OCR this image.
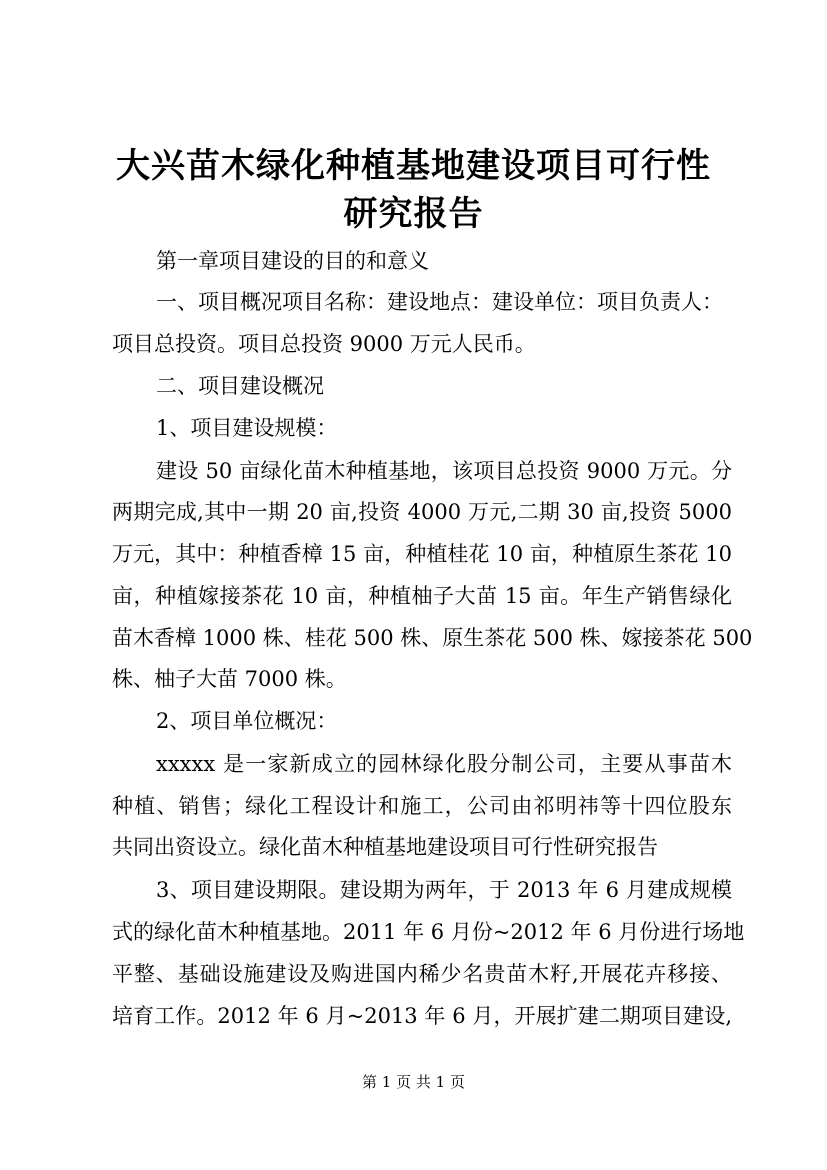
大兴苗木绿化种植基地建设项目可行性研究报告
第一章项目建设的目的和意义
一、项目概况项目名称：建设地点：建设单位：项目负责人：
项目总投资。项目总投资 9000 万元人民币。
二、项目建设概况
1、项目建设规模：
建设 50 亩绿化苗木种植基地，该项目总投资 9000 万元。分
两期完成,其中一期 20 亩,投资 4000 万元,二期 30 亩,投资 5000
万元，其中：种植香樟 15 亩，种植桂花 10 亩，种植原生茶花 10
亩，种植嫁接茶花 10 亩，种植柚子大苗 15 亩。年生产销售绿化
苗木香樟 1000 株、桂花 500 株、原生茶花 500 株、嫁接茶花 500
株、柚子大苗 7000 株。
2、项目单位概况：
xxxxx 是一家新成立的园林绿化股分制公司，主要从事苗木
种植、销售；绿化工程设计和施工，公司由祁明祎等十四位股东
共同出资设立。绿化苗木种植基地建设项目可行性研究报告
3、项目建设期限。建设期为两年，于 2013 年 6 月建成规模
式的绿化苗木种植基地。2011 年 6 月份~2012 年 6 月份进行场地
平整、基础设施建设及购进国内稀少名贵苗木籽,开展花卉移接、
培育工作。2012 年 6 月~2013 年 6 月，开展扩建二期项目建设,
第 1 页 共 1 页
